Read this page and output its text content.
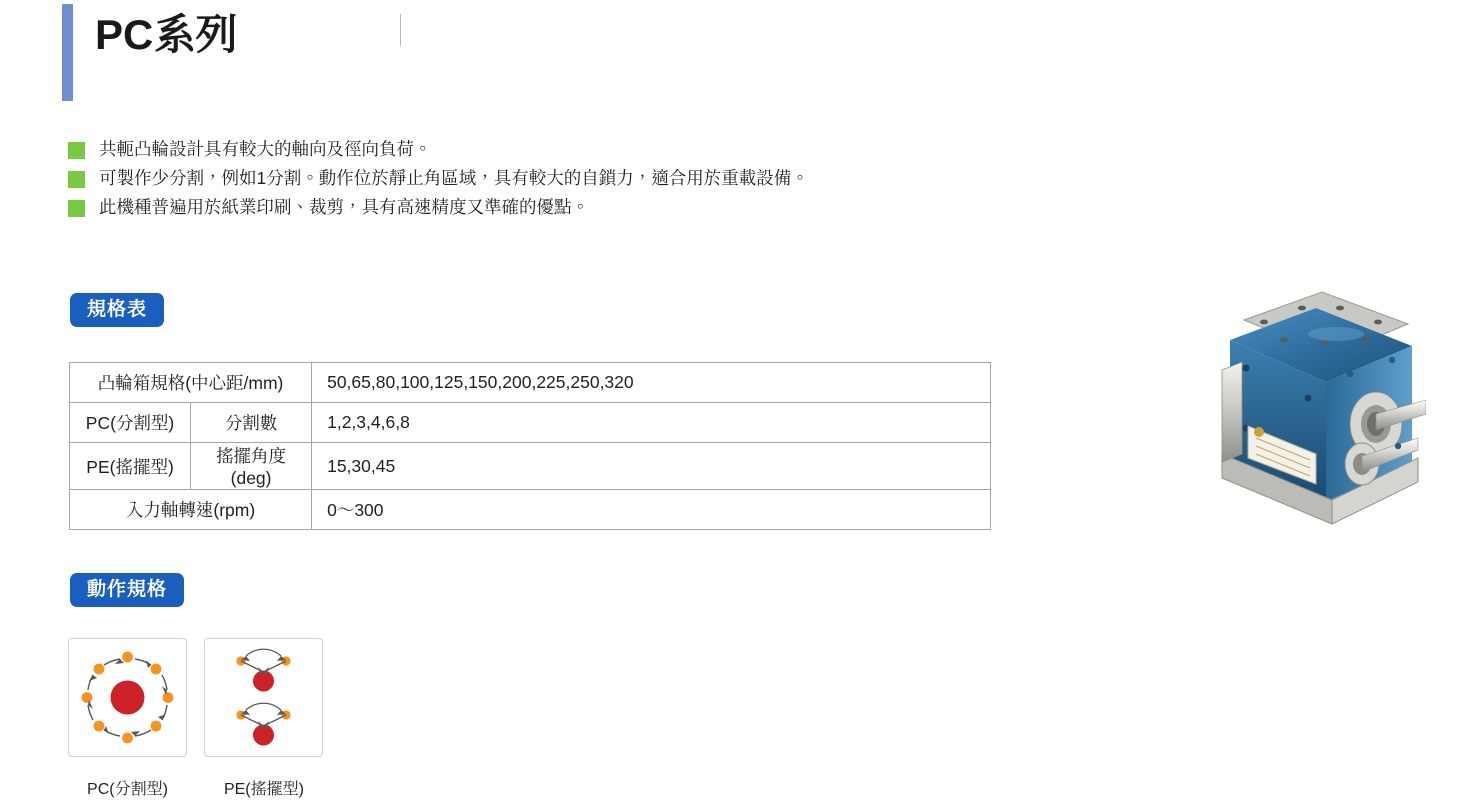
PC系列
共軛凸輪設計具有較大的軸向及徑向負荷。
可製作少分割，例如1分割。動作位於靜止角區域，具有較大的自鎖力，適合用於重載設備。
此機種普遍用於紙業印刷、裁剪，具有高速精度又準確的優點。
規格表
凸輪箱規格(中心距/mm)		50,65,80,100,125,150,200,225,250,320
PC(分割型)	分割數	1,2,3,4,6,8
PE(搖擺型)	搖擺角度(deg)	15,30,45
入力軸轉速(rpm)		0～300
動作規格
PC(分割型)
	PE(搖擺型)
